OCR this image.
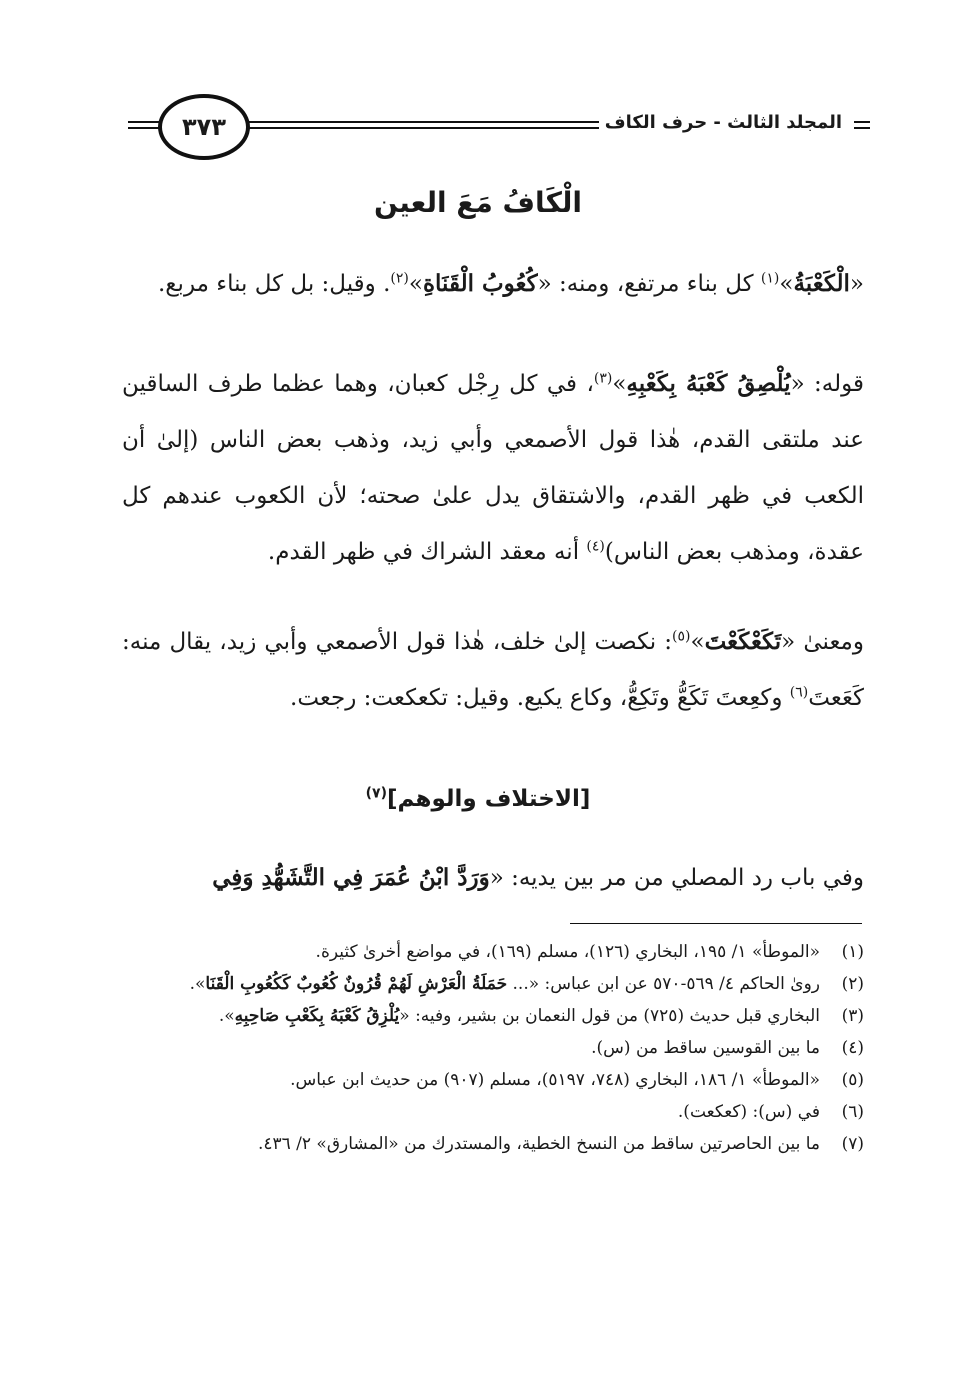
المجلد الثالث - حرف الكاف
٣٧٣
الْكَافُ مَعَ العين
«الْكَعْبَةُ»$^{(١)}$ كل بناء مرتفع، ومنه: «كُعُوبُ الْقَنَاةِ»$^{(٢)}$. وقيل: بل كل بناء مربع.
قوله: «يُلْصِقُ كَعْبَهُ بِكَعْبِهِ»$^{(٣)}$، في كل رِجْل كعبان، وهما عظما طرف الساقين عند ملتقى القدم، هٰذا قول الأصمعي وأبي زيد، وذهب بعض الناس (إلىٰ أن الكعب في ظهر القدم، والاشتقاق يدل علىٰ صحته؛ لأن الكعوب عندهم كل عقدة، ومذهب بعض الناس)$^{(٤)}$ أنه معقد الشراك في ظهر القدم.
ومعنىٰ «تَكَعْكَعْتَ»$^{(٥)}$: نكصت إلىٰ خلف، هٰذا قول الأصمعي وأبي زيد، يقال منه: كَعَعتَ$^{(٦)}$ وكعِعتَ تَكَعُّ وتَكِعُّ، وكاع يكيع. وقيل: تكعكعت: رجعت.
[الاختلاف والوهم]$^{(٧)}$
وفي باب رد المصلي من مر بين يديه: «وَرَدَّ ابْنُ عُمَرَ فِي التَّشَهُّدِ وَفِي
(١)
«الموطأ» ١/ ١٩٥، البخاري (١٢٦)، مسلم (١٦٩)، في مواضع أخرىٰ كثيرة.
(٢)
روىٰ الحاكم ٤/ ٥٦٩-٥٧٠ عن ابن عباس: «... حَمَلَةُ الْعَرْشِ لَهُمْ قُرُونٌ كُعُوبٌ كَكُعُوبِ الْقَنَا».
(٣)
البخاري قبل حديث (٧٢٥) من قول النعمان بن بشير، وفيه: «يُلْزِقُ كَعْبَهُ بِكَعْبِ صَاحِبِهِ».
(٤)
ما بين القوسين ساقط من (س).
(٥)
«الموطأ» ١/ ١٨٦، البخاري (٧٤٨، ٥١٩٧)، مسلم (٩٠٧) من حديث ابن عباس.
(٦)
في (س): (كعكعت).
(٧)
ما بين الحاصرتين ساقط من النسخ الخطية، والمستدرك من «المشارق» ٢/ ٤٣٦.
